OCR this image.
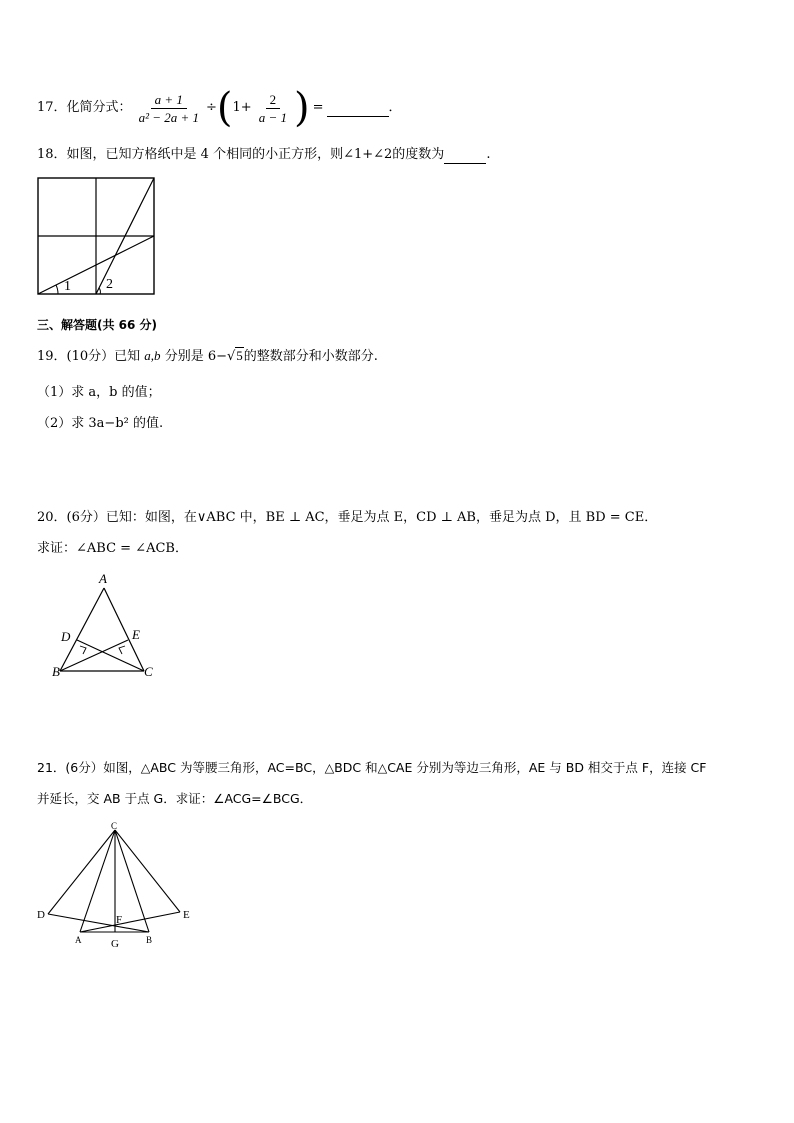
17． 化简分式： $\frac{a + 1}{\text{a² − 2a + 1}}$ ÷ ( $1+ \frac{2}{a - 1}$ ) =	．
18．如图，已知方格纸中是 4 个相同的小正方形，则∠1+∠2的度数为	.
1	2
三、解答题(共 66 分)
19．(10分）已知 a,b 分别是 6−√5的整数部分和小数部分.
（1）求 a，b 的值；
（2）求 3a−b² 的值.
20．(6分）已知：如图，在∨ABC 中，BE ⊥ AC，垂足为点 E，CD ⊥ AB，垂足为点 D，且 BD = CE．
求证：∠ABC = ∠ACB．
A
D	E
B	C
21．(6分）如图，△ABC 为等腰三角形，AC=BC，△BDC 和△CAE 分别为等边三角形，AE 与 BD 相交于点 F，连接 CF
并延长，交 AB 于点 G．求证：∠ACG=∠BCG．
C
D	E
F
A	G	B
